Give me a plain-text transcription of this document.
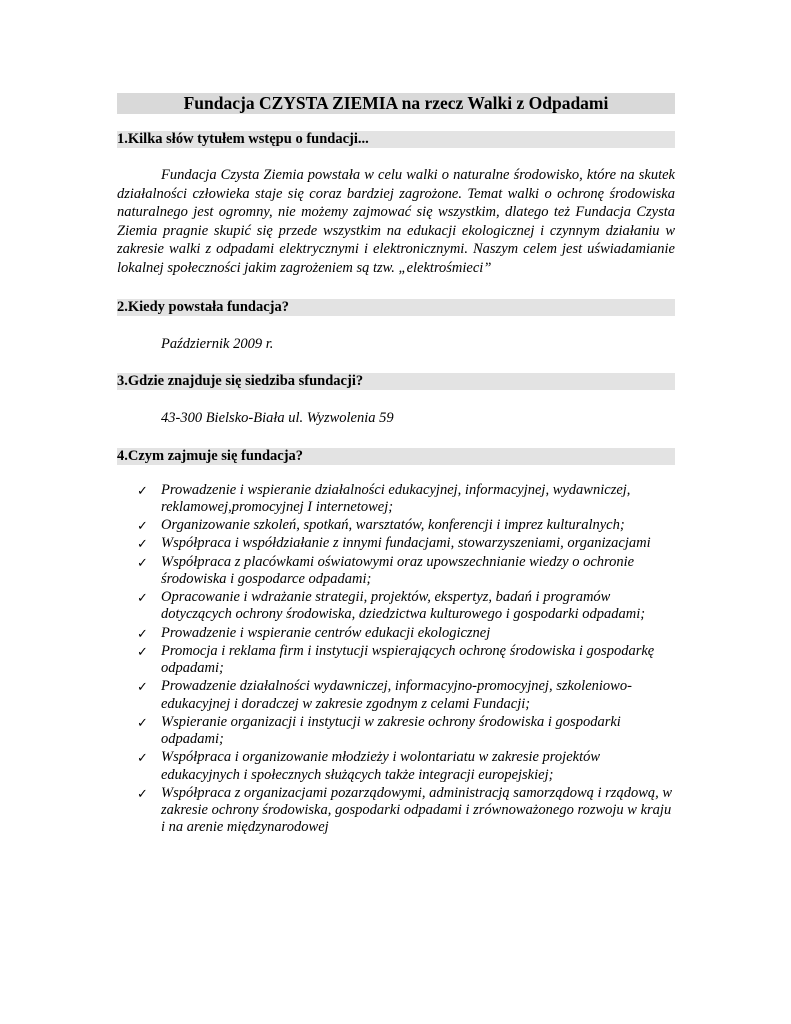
Fundacja CZYSTA ZIEMIA na rzecz Walki z Odpadami
1.Kilka słów tytułem wstępu o fundacji...
Fundacja Czysta Ziemia powstała w celu walki o naturalne środowisko, które na skutek działalności człowieka staje się coraz bardziej zagrożone. Temat walki o ochronę środowiska naturalnego jest ogromny, nie możemy zajmować się wszystkim, dlatego też Fundacja Czysta Ziemia pragnie skupić się przede wszystkim na edukacji ekologicznej i czynnym działaniu w zakresie walki z odpadami elektrycznymi i elektronicznymi. Naszym celem jest uświadamianie lokalnej społeczności jakim zagrożeniem są tzw. „elektrośmieci”
2.Kiedy powstała fundacja?
Październik 2009 r.
3.Gdzie znajduje się siedziba sfundacji?
43-300 Bielsko-Biała ul. Wyzwolenia 59
4.Czym zajmuje się fundacja?
✓ Prowadzenie i wspieranie działalności edukacyjnej, informacyjnej, wydawniczej, reklamowej,promocyjnej I internetowej;
✓ Organizowanie szkoleń, spotkań, warsztatów, konferencji i imprez kulturalnych;
✓ Współpraca i współdziałanie z innymi fundacjami, stowarzyszeniami, organizacjami
✓ Współpraca z placówkami oświatowymi oraz upowszechnianie wiedzy o ochronie środowiska i gospodarce odpadami;
✓ Opracowanie i wdrażanie strategii, projektów, ekspertyz, badań i programów dotyczących ochrony środowiska, dziedzictwa kulturowego i gospodarki odpadami;
✓ Prowadzenie i wspieranie centrów edukacji ekologicznej
✓ Promocja i reklama firm i instytucji wspierających ochronę środowiska i gospodarkę odpadami;
✓ Prowadzenie działalności wydawniczej, informacyjno-promocyjnej, szkoleniowo-edukacyjnej i doradczej w zakresie zgodnym z celami Fundacji;
✓ Wspieranie organizacji i instytucji w zakresie ochrony środowiska i gospodarki odpadami;
✓ Współpraca i organizowanie młodzieży i wolontariatu w zakresie projektów edukacyjnych i społecznych służących także integracji europejskiej;
✓ Współpraca z organizacjami pozarządowymi, administracją samorządową i rządową, w zakresie ochrony środowiska, gospodarki odpadami i zrównoważonego rozwoju w kraju i na arenie międzynarodowej
